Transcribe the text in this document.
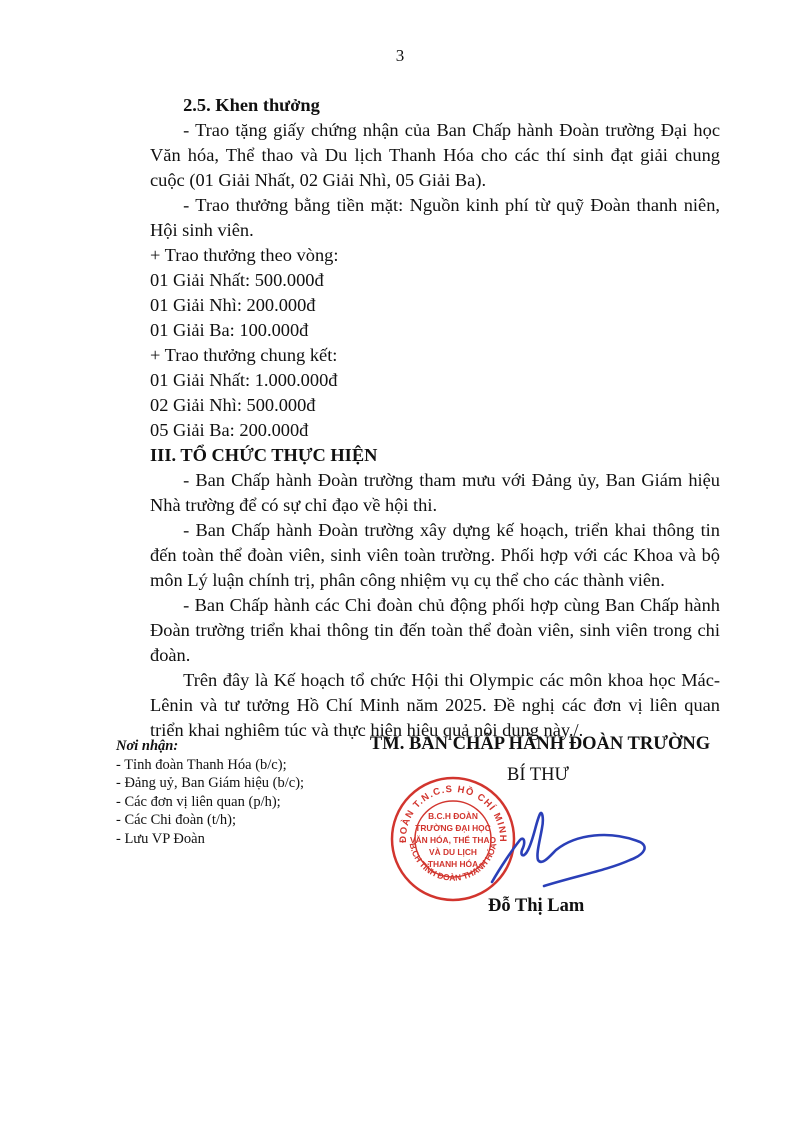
3

2.5. Khen thưởng

- Trao tặng giấy chứng nhận của Ban Chấp hành Đoàn trường Đại học Văn hóa, Thể thao và Du lịch Thanh Hóa cho các thí sinh đạt giải chung cuộc (01 Giải Nhất, 02 Giải Nhì, 05 Giải Ba).

- Trao thưởng bằng tiền mặt: Nguồn kinh phí từ quỹ Đoàn thanh niên, Hội sinh viên.

+ Trao thưởng theo vòng:

01 Giải Nhất: 500.000đ

01 Giải Nhì: 200.000đ

01 Giải Ba: 100.000đ

+ Trao thưởng chung kết:

01 Giải Nhất: 1.000.000đ

02 Giải Nhì: 500.000đ

05 Giải Ba: 200.000đ

III. TỔ CHỨC THỰC HIỆN

- Ban Chấp hành Đoàn trường tham mưu với Đảng ủy, Ban Giám hiệu Nhà trường để có sự chỉ đạo về hội thi.

- Ban Chấp hành Đoàn trường xây dựng kế hoạch, triển khai thông tin đến toàn thể đoàn viên, sinh viên toàn trường. Phối hợp với các Khoa và bộ môn Lý luận chính trị, phân công nhiệm vụ cụ thể cho các thành viên.

- Ban Chấp hành các Chi đoàn chủ động phối hợp cùng Ban Chấp hành Đoàn trường triển khai thông tin đến toàn thể đoàn viên, sinh viên trong chi đoàn.

Trên đây là Kế hoạch tổ chức Hội thi Olympic các môn khoa học Mác-Lênin và tư tưởng Hồ Chí Minh năm 2025. Đề nghị các đơn vị liên quan triển khai nghiêm túc và thực hiện hiệu quả nội dung này./.

Nơi nhận:
- Tỉnh đoàn Thanh Hóa (b/c);
- Đảng uỷ, Ban Giám hiệu (b/c);
- Các đơn vị liên quan (p/h);
- Các Chi đoàn (t/h);
- Lưu VP Đoàn
TM. BAN CHẤP HÀNH ĐOÀN TRƯỜNG
BÍ THƯ
ĐOÀN T.N.C.S HỒ CHÍ MINH
B.CH TỈNH ĐOÀN THANH HÓA
B.C.H ĐOÀN
TRƯỜNG ĐẠI HỌC
VĂN HÓA, THỂ THAO
VÀ DU LỊCH
THANH HÓA
Đỗ Thị Lam
